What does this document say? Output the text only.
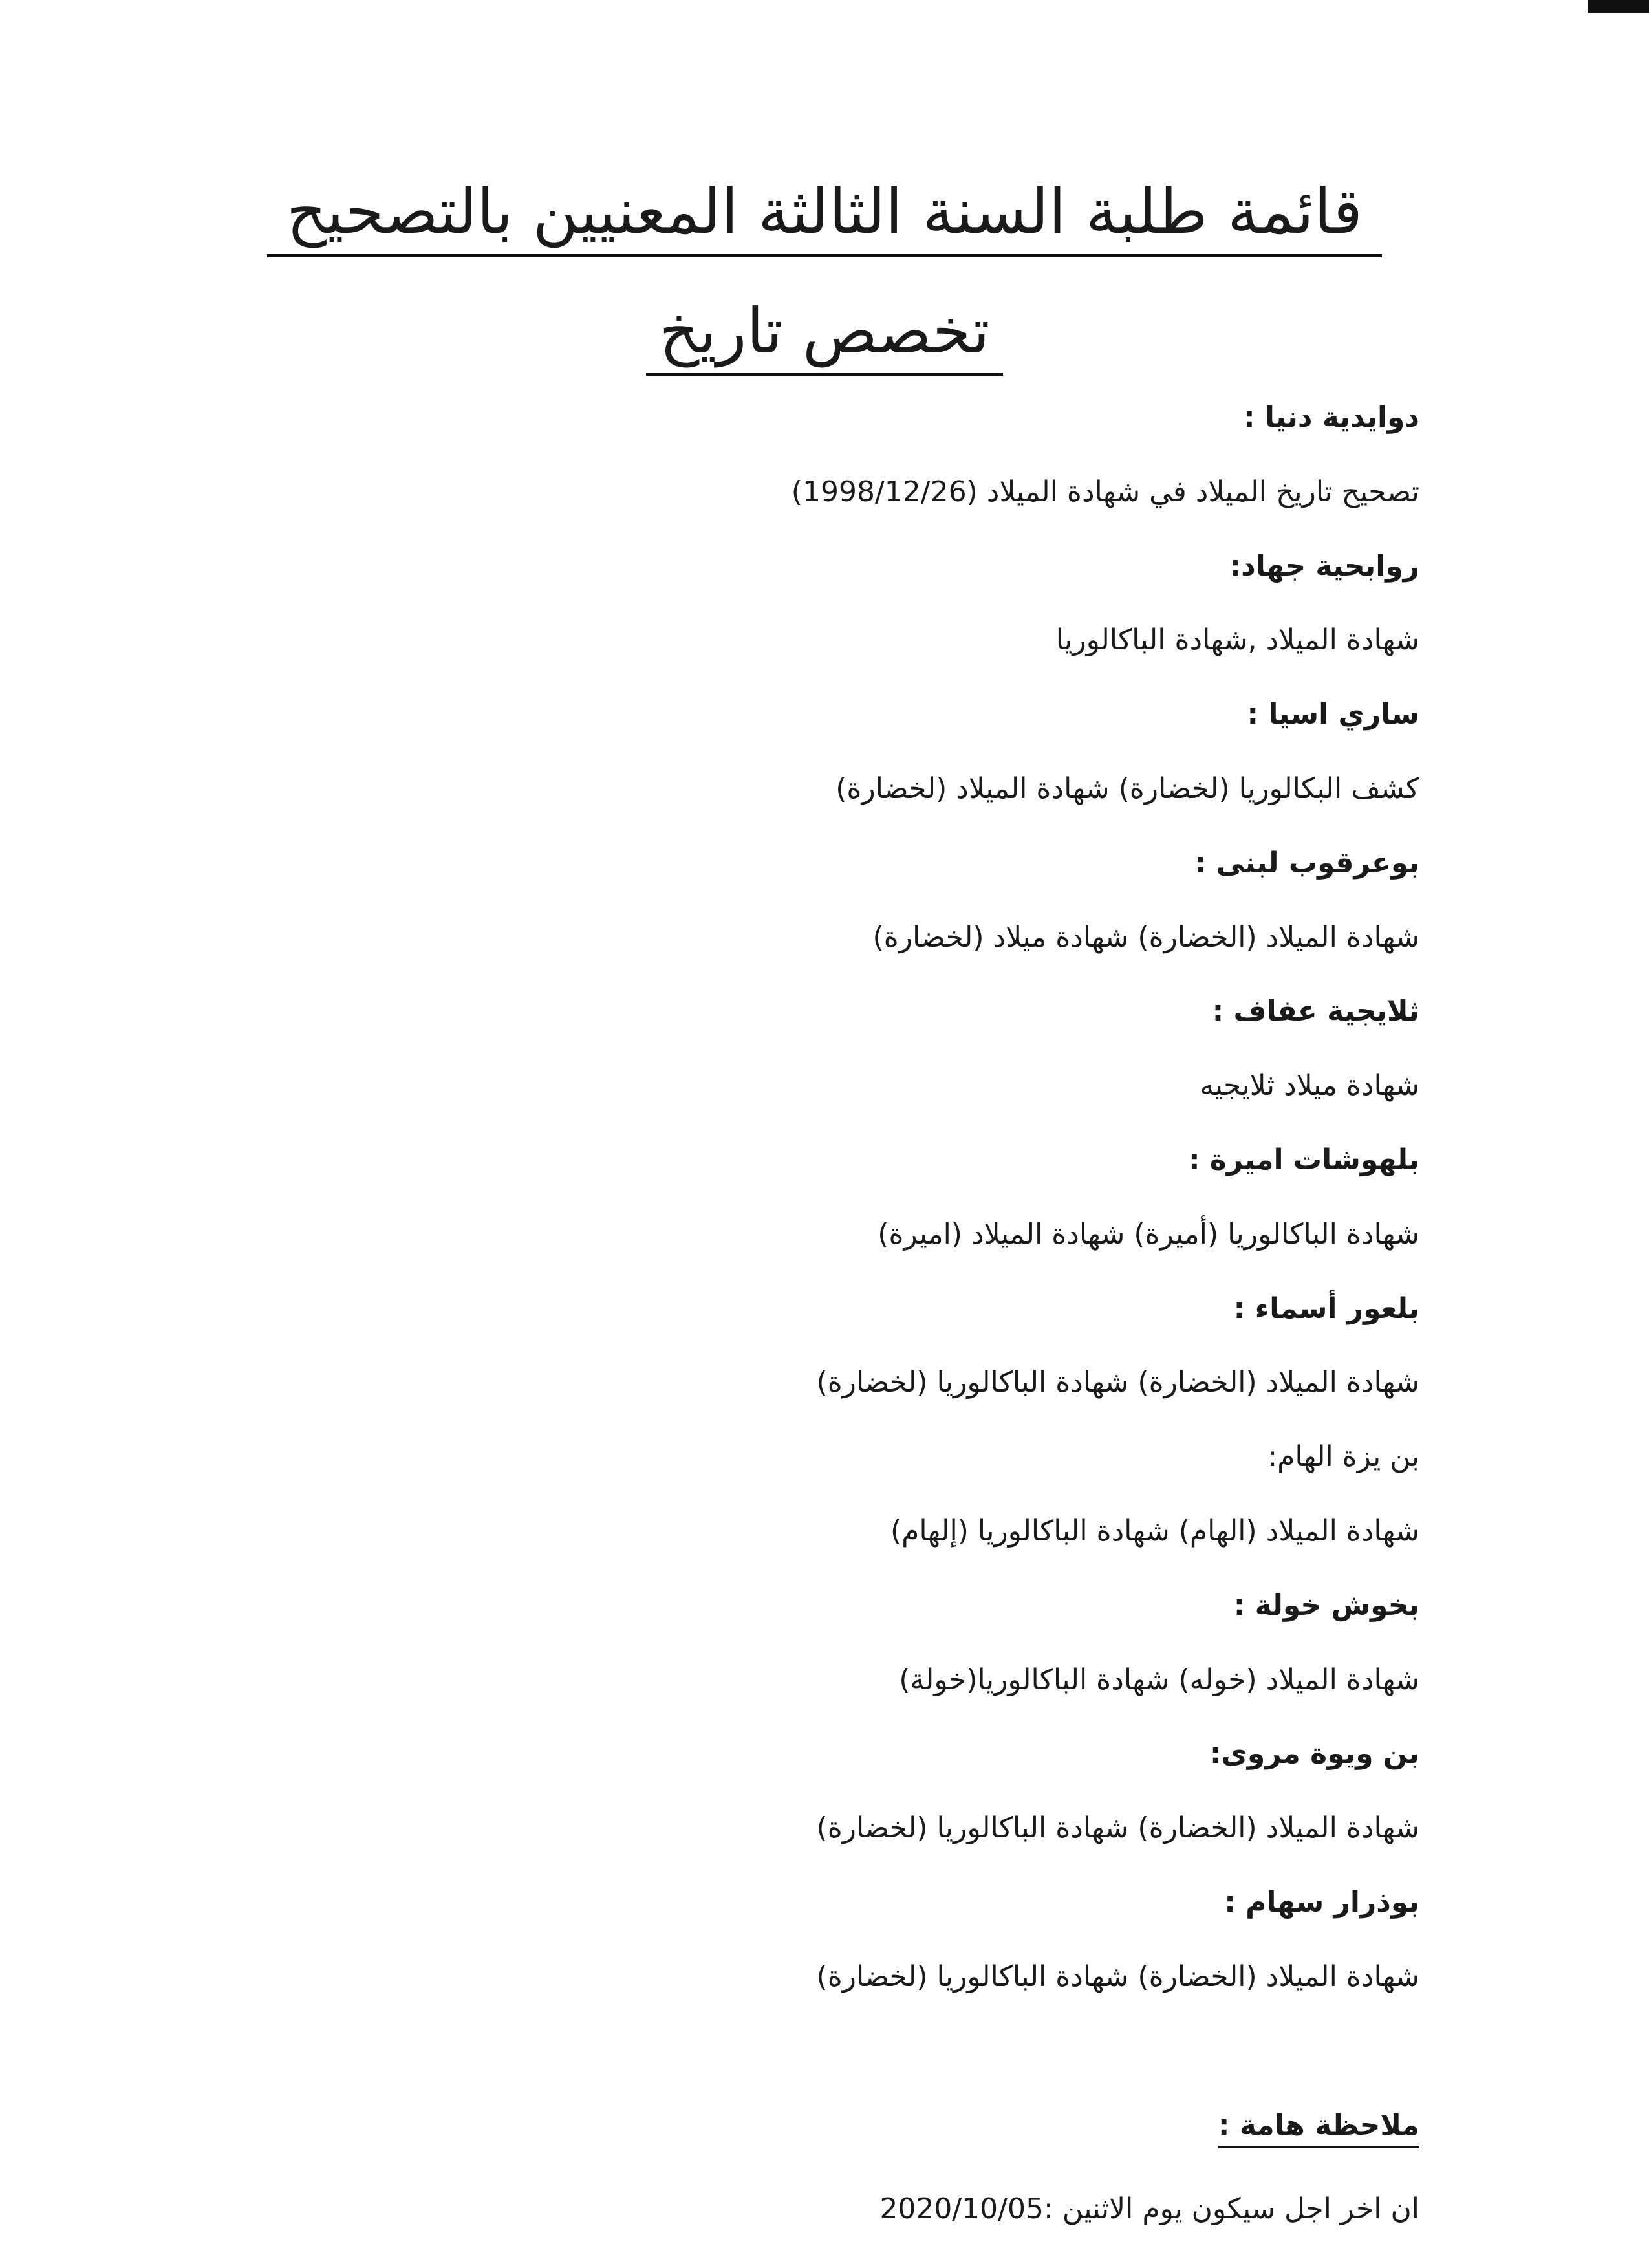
قائمة طلبة السنة الثالثة المعنيين بالتصحيح
تخصص تاريخ
دوايدية دنيا :
تصحيح تاريخ الميلاد في شهادة الميلاد (1998/12/26)
روابحية جهاد:
شهادة الميلاد ,شهادة الباكالوريا
ساري اسيا :
كشف البكالوريا (لخضارة) شهادة الميلاد (لخضارة)
بوعرقوب لبنى :
شهادة الميلاد (الخضارة) شهادة ميلاد (لخضارة)
ثلايجية عفاف :
شهادة ميلاد ثلايجيه
بلهوشات اميرة :
شهادة الباكالوريا (أميرة) شهادة الميلاد (اميرة)
بلعور أسماء :
شهادة الميلاد (الخضارة) شهادة الباكالوريا (لخضارة)
بن يزة الهام:
شهادة الميلاد (الهام) شهادة الباكالوريا (إلهام)
بخوش خولة :
شهادة الميلاد (خوله) شهادة الباكالوريا(خولة)
بن ويوة مروى:
شهادة الميلاد (الخضارة) شهادة الباكالوريا (لخضارة)
بوذرار سهام :
شهادة الميلاد (الخضارة) شهادة الباكالوريا (لخضارة)
ملاحظة هامة :
ان اخر اجل سيكون يوم الاثنين :2020/10/05
